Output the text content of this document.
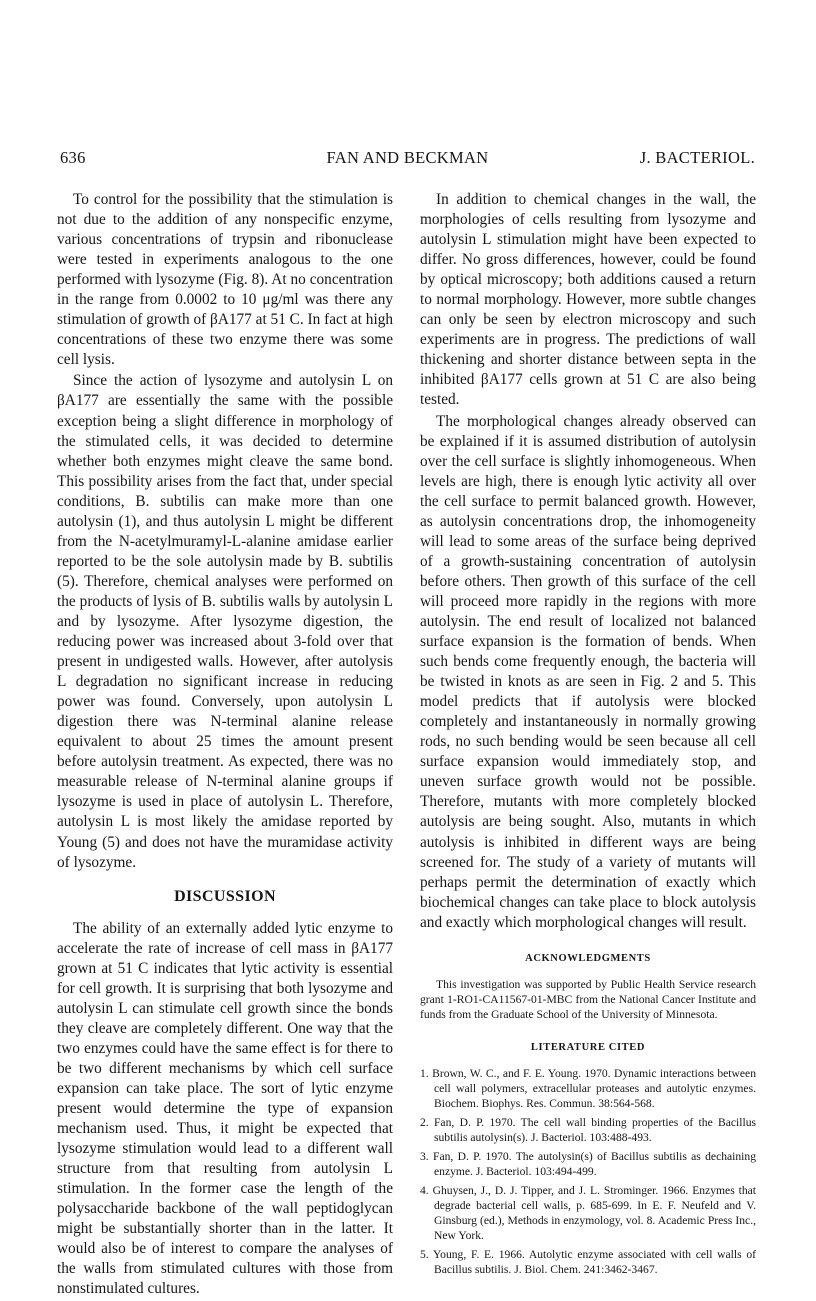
636	FAN AND BECKMAN	J. BACTERIOL.

To control for the possibility that the stimulation is not due to the addition of any nonspecific enzyme, various concentrations of trypsin and ribonuclease were tested in experiments analogous to the one performed with lysozyme (Fig. 8). At no concentration in the range from 0.0002 to 10 μg/ml was there any stimulation of growth of βA177 at 51 C. In fact at high concentrations of these two enzyme there was some cell lysis.

Since the action of lysozyme and autolysin L on βA177 are essentially the same with the possible exception being a slight difference in morphology of the stimulated cells, it was decided to determine whether both enzymes might cleave the same bond. This possibility arises from the fact that, under special conditions, B. subtilis can make more than one autolysin (1), and thus autolysin L might be different from the N-acetylmuramyl-L-alanine amidase earlier reported to be the sole autolysin made by B. subtilis (5). Therefore, chemical analyses were performed on the products of lysis of B. subtilis walls by autolysin L and by lysozyme. After lysozyme digestion, the reducing power was increased about 3-fold over that present in undigested walls. However, after autolysis L degradation no significant increase in reducing power was found. Conversely, upon autolysin L digestion there was N-terminal alanine release equivalent to about 25 times the amount present before autolysin treatment. As expected, there was no measurable release of N-terminal alanine groups if lysozyme is used in place of autolysin L. Therefore, autolysin L is most likely the amidase reported by Young (5) and does not have the muramidase activity of lysozyme.

DISCUSSION

The ability of an externally added lytic enzyme to accelerate the rate of increase of cell mass in βA177 grown at 51 C indicates that lytic activity is essential for cell growth. It is surprising that both lysozyme and autolysin L can stimulate cell growth since the bonds they cleave are completely different. One way that the two enzymes could have the same effect is for there to be two different mechanisms by which cell surface expansion can take place. The sort of lytic enzyme present would determine the type of expansion mechanism used. Thus, it might be expected that lysozyme stimulation would lead to a different wall structure from that resulting from autolysin L stimulation. In the former case the length of the polysaccharide backbone of the wall peptidoglycan might be substantially shorter than in the latter. It would also be of interest to compare the analyses of the walls from stimulated cultures with those from nonstimulated cultures.

In addition to chemical changes in the wall, the morphologies of cells resulting from lysozyme and autolysin L stimulation might have been expected to differ. No gross differences, however, could be found by optical microscopy; both additions caused a return to normal morphology. However, more subtle changes can only be seen by electron microscopy and such experiments are in progress. The predictions of wall thickening and shorter distance between septa in the inhibited βA177 cells grown at 51 C are also being tested.

The morphological changes already observed can be explained if it is assumed distribution of autolysin over the cell surface is slightly inhomogeneous. When levels are high, there is enough lytic activity all over the cell surface to permit balanced growth. However, as autolysin concentrations drop, the inhomogeneity will lead to some areas of the surface being deprived of a growth-sustaining concentration of autolysin before others. Then growth of this surface of the cell will proceed more rapidly in the regions with more autolysin. The end result of localized not balanced surface expansion is the formation of bends. When such bends come frequently enough, the bacteria will be twisted in knots as are seen in Fig. 2 and 5. This model predicts that if autolysis were blocked completely and instantaneously in normally growing rods, no such bending would be seen because all cell surface expansion would immediately stop, and uneven surface growth would not be possible. Therefore, mutants with more completely blocked autolysis are being sought. Also, mutants in which autolysis is inhibited in different ways are being screened for. The study of a variety of mutants will perhaps permit the determination of exactly which biochemical changes can take place to block autolysis and exactly which morphological changes will result.

ACKNOWLEDGMENTS

This investigation was supported by Public Health Service research grant 1-RO1-CA11567-01-MBC from the National Cancer Institute and funds from the Graduate School of the University of Minnesota.

LITERATURE CITED
1. Brown, W. C., and F. E. Young. 1970. Dynamic interactions between cell wall polymers, extracellular proteases and autolytic enzymes. Biochem. Biophys. Res. Commun. 38:564-568.
2. Fan, D. P. 1970. The cell wall binding properties of the Bacillus subtilis autolysin(s). J. Bacteriol. 103:488-493.
3. Fan, D. P. 1970. The autolysin(s) of Bacillus subtilis as dechaining enzyme. J. Bacteriol. 103:494-499.
4. Ghuysen, J., D. J. Tipper, and J. L. Strominger. 1966. Enzymes that degrade bacterial cell walls, p. 685-699. In E. F. Neufeld and V. Ginsburg (ed.), Methods in enzymology, vol. 8. Academic Press Inc., New York.
5. Young, F. E. 1966. Autolytic enzyme associated with cell walls of Bacillus subtilis. J. Biol. Chem. 241:3462-3467.
